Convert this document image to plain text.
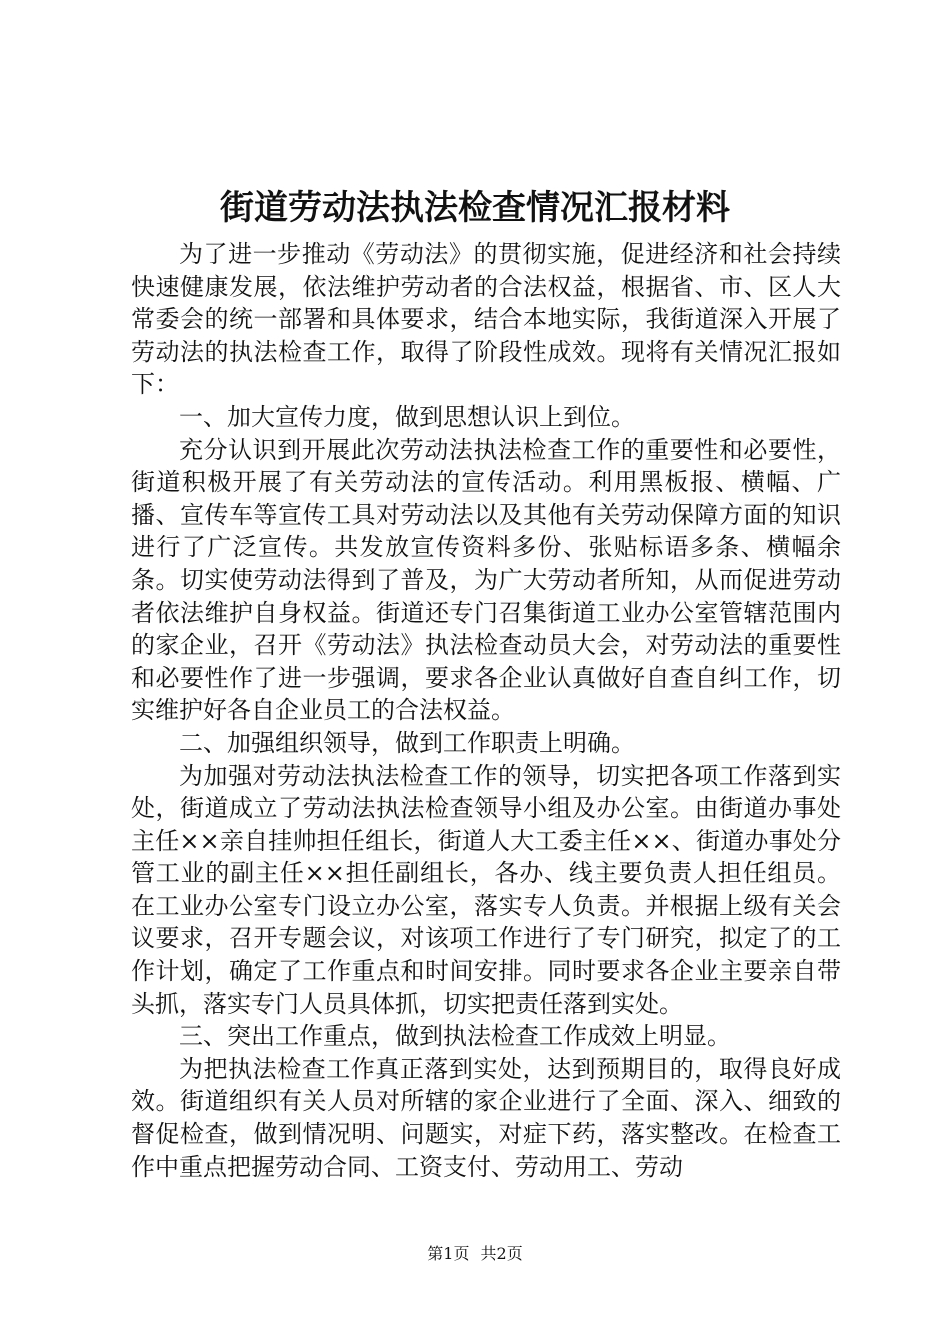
街道劳动法执法检查情况汇报材料

为了进一步推动《劳动法》的贯彻实施，促进经济和社会持续快速健康发展，依法维护劳动者的合法权益，根据省、市、区人大常委会的统一部署和具体要求，结合本地实际，我街道深入开展了劳动法的执法检查工作，取得了阶段性成效。现将有关情况汇报如下：

一、加大宣传力度，做到思想认识上到位。

充分认识到开展此次劳动法执法检查工作的重要性和必要性，街道积极开展了有关劳动法的宣传活动。利用黑板报、横幅、广播、宣传车等宣传工具对劳动法以及其他有关劳动保障方面的知识进行了广泛宣传。共发放宣传资料多份、张贴标语多条、横幅余条。切实使劳动法得到了普及，为广大劳动者所知，从而促进劳动者依法维护自身权益。街道还专门召集街道工业办公室管辖范围内的家企业，召开《劳动法》执法检查动员大会，对劳动法的重要性和必要性作了进一步强调，要求各企业认真做好自查自纠工作，切实维护好各自企业员工的合法权益。

二、加强组织领导，做到工作职责上明确。

为加强对劳动法执法检查工作的领导，切实把各项工作落到实处，街道成立了劳动法执法检查领导小组及办公室。由街道办事处主任××亲自挂帅担任组长，街道人大工委主任××、街道办事处分管工业的副主任××担任副组长，各办、线主要负责人担任组员。在工业办公室专门设立办公室，落实专人负责。并根据上级有关会议要求，召开专题会议，对该项工作进行了专门研究，拟定了的工作计划，确定了工作重点和时间安排。同时要求各企业主要亲自带头抓，落实专门人员具体抓，切实把责任落到实处。

三、突出工作重点，做到执法检查工作成效上明显。

为把执法检查工作真正落到实处，达到预期目的，取得良好成效。街道组织有关人员对所辖的家企业进行了全面、深入、细致的督促检查，做到情况明、问题实，对症下药，落实整改。在检查工作中重点把握劳动合同、工资支付、劳动用工、劳动

第1页 共2页
